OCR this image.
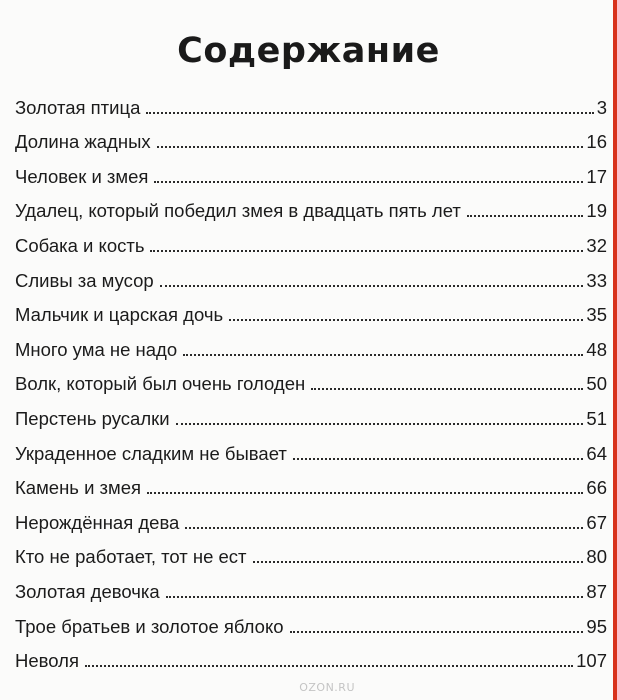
Содержание
Золотая птица	3
Долина жадных	16
Человек и змея	17
Удалец, который победил змея в двадцать пять лет	19
Собака и кость	32
Сливы за мусор	33
Мальчик и царская дочь	35
Много ума не надо	48
Волк, который был очень голоден	50
Перстень русалки	51
Украденное сладким не бывает	64
Камень и змея	66
Нерождённая дева	67
Кто не работает, тот не ест	80
Золотая девочка	87
Трое братьев и золотое яблоко	95
Неволя	107
OZON.RU
